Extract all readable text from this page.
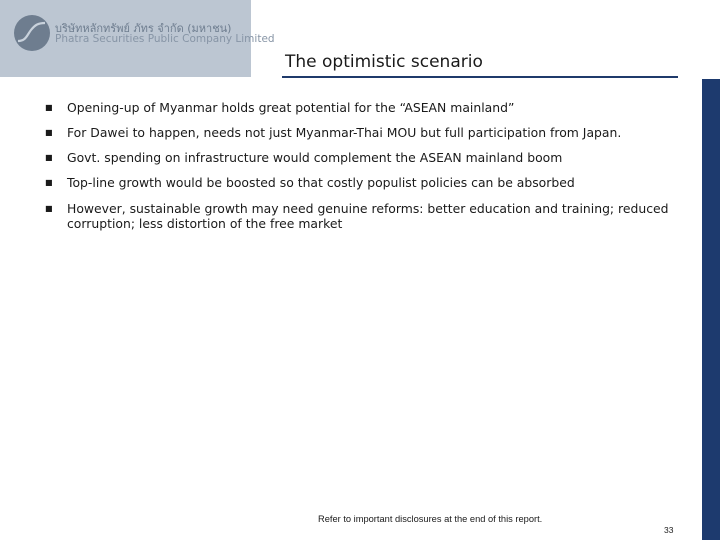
บริษัทหลักทรัพย์ ภัทร จำกัด (มหาชน)
Phatra Securities Public Company Limited
The optimistic scenario
■ Opening-up of Myanmar holds great potential for the “ASEAN mainland”
■ For Dawei to happen, needs not just Myanmar-Thai MOU but full participation from Japan.
■ Govt. spending on infrastructure would complement the ASEAN mainland boom
■ Top-line growth would be boosted so that costly populist policies can be absorbed
■ However, sustainable growth may need genuine reforms: better education and training; reduced corruption; less distortion of the free market
Refer to important disclosures at the end of this report.
33
